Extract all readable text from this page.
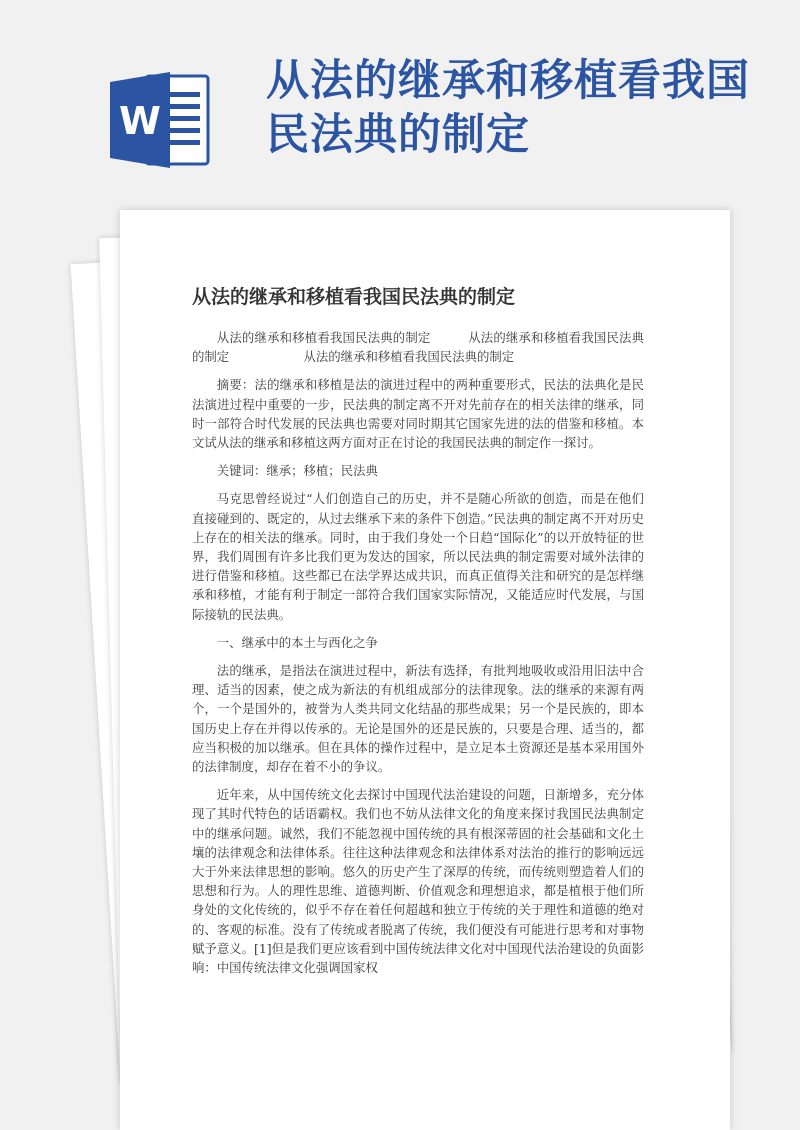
W
从法的继承和移植看我国民法典的制定
从法的继承和移植看我国民法典的制定

从法的继承和移植看我国民法典的制定　　　从法的继承和移植看我国民法典的制定　　　　　　从法的继承和移植看我国民法典的制定

摘要：法的继承和移植是法的演进过程中的两种重要形式，民法的法典化是民法演进过程中重要的一步，民法典的制定离不开对先前存在的相关法律的继承，同时一部符合时代发展的民法典也需要对同时期其它国家先进的法的借鉴和移植。本文试从法的继承和移植这两方面对正在讨论的我国民法典的制定作一探讨。

关键词：继承；移植；民法典

马克思曾经说过“人们创造自己的历史，并不是随心所欲的创造，而是在他们直接碰到的、既定的，从过去继承下来的条件下创造。”民法典的制定离不开对历史上存在的相关法的继承。同时，由于我们身处一个日趋“国际化”的以开放特征的世界，我们周围有许多比我们更为发达的国家，所以民法典的制定需要对域外法律的进行借鉴和移植。这些都已在法学界达成共识，而真正值得关注和研究的是怎样继承和移植，才能有利于制定一部符合我们国家实际情况，又能适应时代发展，与国际接轨的民法典。

一、继承中的本土与西化之争

法的继承，是指法在演进过程中，新法有选择，有批判地吸收或沿用旧法中合理、适当的因素，使之成为新法的有机组成部分的法律现象。法的继承的来源有两个，一个是国外的，被誉为人类共同文化结晶的那些成果；另一个是民族的，即本国历史上存在并得以传承的。无论是国外的还是民族的，只要是合理、适当的，都应当积极的加以继承。但在具体的操作过程中，是立足本土资源还是基本采用国外的法律制度，却存在着不小的争议。

近年来，从中国传统文化去探讨中国现代法治建设的问题，日渐增多，充分体现了其时代特色的话语霸权。我们也不妨从法律文化的角度来探讨我国民法典制定中的继承问题。诚然，我们不能忽视中国传统的具有根深蒂固的社会基础和文化土壤的法律观念和法律体系。往往这种法律观念和法律体系对法治的推行的影响远远大于外来法律思想的影响。悠久的历史产生了深厚的传统，而传统则塑造着人们的思想和行为。人的理性思维、道德判断、价值观念和理想追求，都是植根于他们所身处的文化传统的，似乎不存在着任何超越和独立于传统的关于理性和道德的绝对的、客观的标准。没有了传统或者脱离了传统，我们便没有可能进行思考和对事物赋予意义。[1]但是我们更应该看到中国传统法律文化对中国现代法治建设的负面影响：中国传统法律文化强调国家权
